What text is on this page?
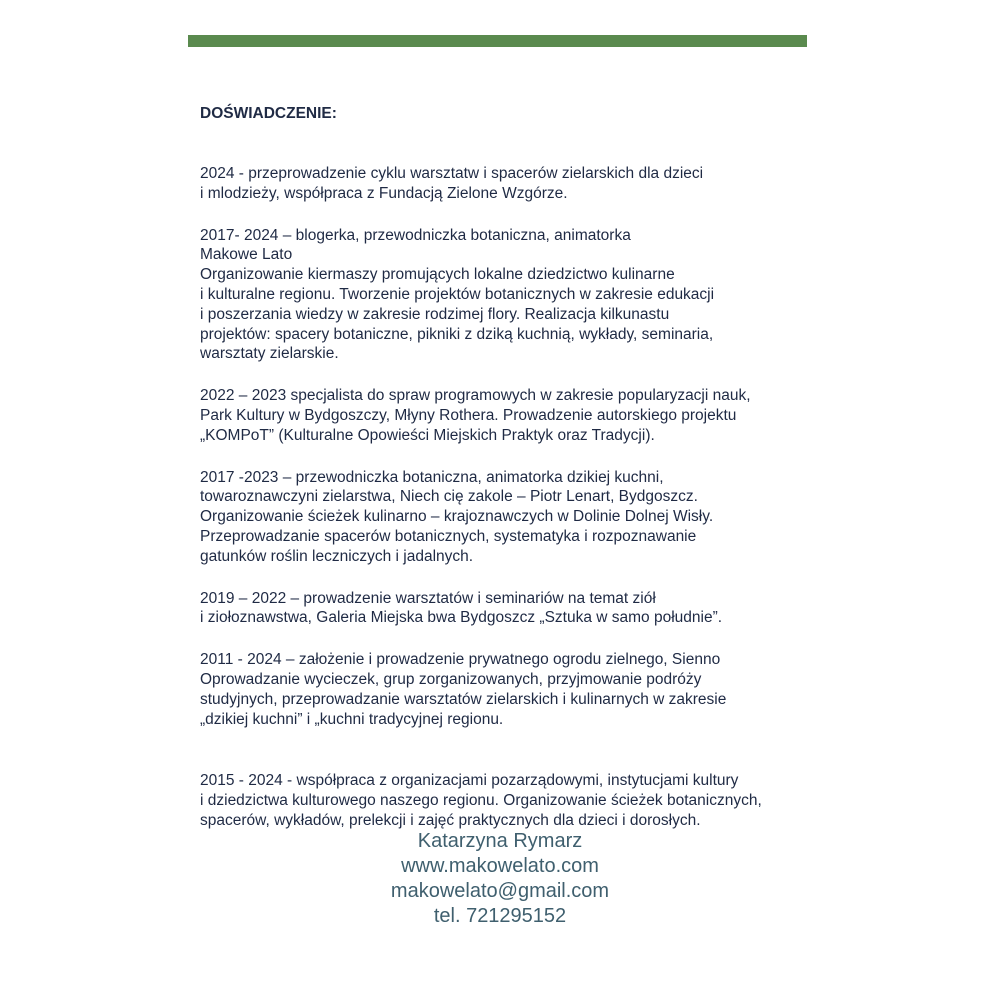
DOŚWIADCZENIE:

2024 - przeprowadzenie cyklu warsztatw i spacerów zielarskich dla dzieci
i mlodzieży, współpraca z Fundacją Zielone Wzgórze.

2017- 2024 – blogerka, przewodniczka botaniczna, animatorka
Makowe Lato
Organizowanie kiermaszy promujących lokalne dziedzictwo kulinarne
i kulturalne regionu. Tworzenie projektów botanicznych w zakresie edukacji
i poszerzania wiedzy w zakresie rodzimej flory. Realizacja kilkunastu
projektów: spacery botaniczne, pikniki z dziką kuchnią, wykłady, seminaria,
warsztaty zielarskie.

2022 – 2023 specjalista do spraw programowych w zakresie popularyzacji nauk,
Park Kultury w Bydgoszczy, Młyny Rothera. Prowadzenie autorskiego projektu
„KOMPoT” (Kulturalne Opowieści Miejskich Praktyk oraz Tradycji).

2017 -2023 – przewodniczka botaniczna, animatorka dzikiej kuchni,
towaroznawczyni zielarstwa, Niech cię zakole – Piotr Lenart, Bydgoszcz.
Organizowanie ścieżek kulinarno – krajoznawczych w Dolinie Dolnej Wisły.
Przeprowadzanie spacerów botanicznych, systematyka i rozpoznawanie
gatunków roślin leczniczych i jadalnych.

2019 – 2022 – prowadzenie warsztatów i seminariów na temat ziół
i ziołoznawstwa, Galeria Miejska bwa Bydgoszcz „Sztuka w samo południe”.

2011 - 2024 – założenie i prowadzenie prywatnego ogrodu zielnego, Sienno
Oprowadzanie wycieczek, grup zorganizowanych, przyjmowanie podróży
studyjnych, przeprowadzanie warsztatów zielarskich i kulinarnych w zakresie
„dzikiej kuchni” i „kuchni tradycyjnej regionu.

2015 - 2024 - współpraca z organizacjami pozarządowymi, instytucjami kultury
i dziedzictwa kulturowego naszego regionu. Organizowanie ścieżek botanicznych,
spacerów, wykładów, prelekcji i zajęć praktycznych dla dzieci i dorosłych.

Katarzyna Rymarz
www.makowelato.com
makowelato@gmail.com
tel. 721295152
